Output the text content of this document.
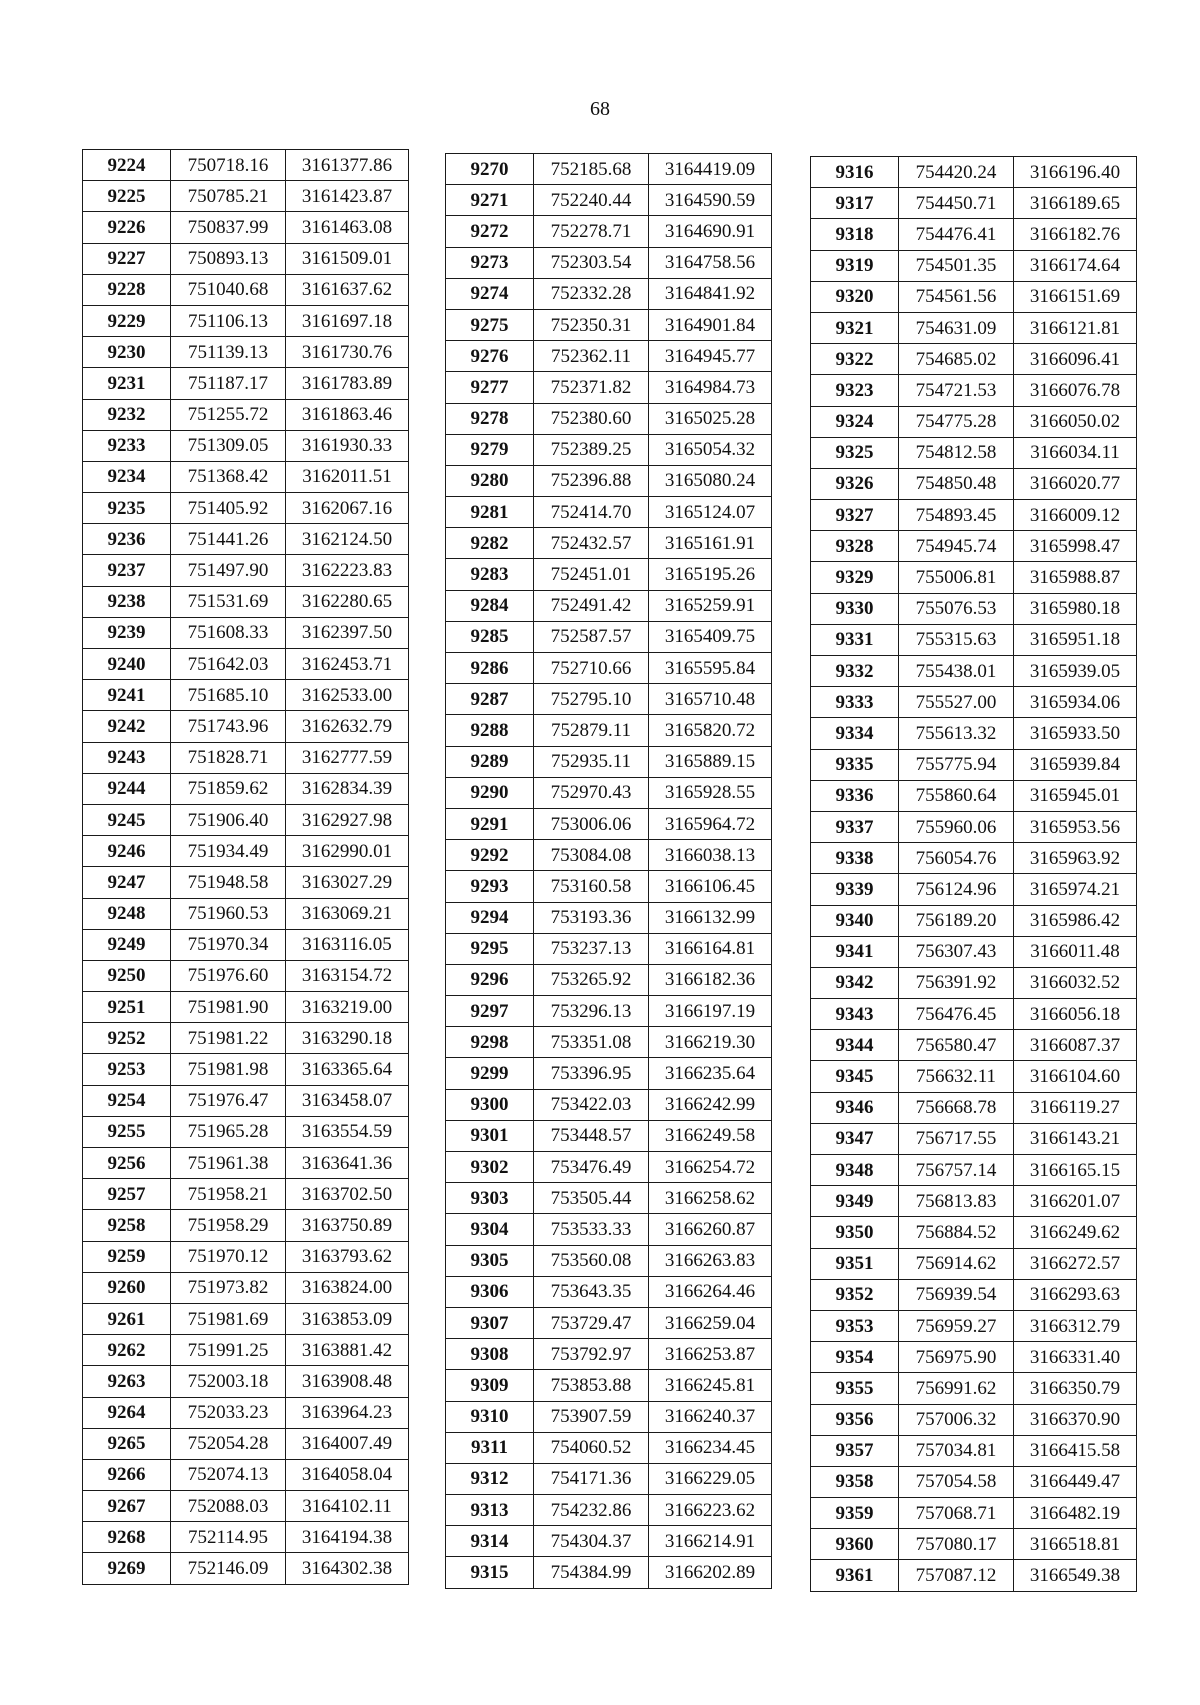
68
9224	750718.16	3161377.86
9225	750785.21	3161423.87
9226	750837.99	3161463.08
9227	750893.13	3161509.01
9228	751040.68	3161637.62
9229	751106.13	3161697.18
9230	751139.13	3161730.76
9231	751187.17	3161783.89
9232	751255.72	3161863.46
9233	751309.05	3161930.33
9234	751368.42	3162011.51
9235	751405.92	3162067.16
9236	751441.26	3162124.50
9237	751497.90	3162223.83
9238	751531.69	3162280.65
9239	751608.33	3162397.50
9240	751642.03	3162453.71
9241	751685.10	3162533.00
9242	751743.96	3162632.79
9243	751828.71	3162777.59
9244	751859.62	3162834.39
9245	751906.40	3162927.98
9246	751934.49	3162990.01
9247	751948.58	3163027.29
9248	751960.53	3163069.21
9249	751970.34	3163116.05
9250	751976.60	3163154.72
9251	751981.90	3163219.00
9252	751981.22	3163290.18
9253	751981.98	3163365.64
9254	751976.47	3163458.07
9255	751965.28	3163554.59
9256	751961.38	3163641.36
9257	751958.21	3163702.50
9258	751958.29	3163750.89
9259	751970.12	3163793.62
9260	751973.82	3163824.00
9261	751981.69	3163853.09
9262	751991.25	3163881.42
9263	752003.18	3163908.48
9264	752033.23	3163964.23
9265	752054.28	3164007.49
9266	752074.13	3164058.04
9267	752088.03	3164102.11
9268	752114.95	3164194.38
9269	752146.09	3164302.38
9270	752185.68	3164419.09
9271	752240.44	3164590.59
9272	752278.71	3164690.91
9273	752303.54	3164758.56
9274	752332.28	3164841.92
9275	752350.31	3164901.84
9276	752362.11	3164945.77
9277	752371.82	3164984.73
9278	752380.60	3165025.28
9279	752389.25	3165054.32
9280	752396.88	3165080.24
9281	752414.70	3165124.07
9282	752432.57	3165161.91
9283	752451.01	3165195.26
9284	752491.42	3165259.91
9285	752587.57	3165409.75
9286	752710.66	3165595.84
9287	752795.10	3165710.48
9288	752879.11	3165820.72
9289	752935.11	3165889.15
9290	752970.43	3165928.55
9291	753006.06	3165964.72
9292	753084.08	3166038.13
9293	753160.58	3166106.45
9294	753193.36	3166132.99
9295	753237.13	3166164.81
9296	753265.92	3166182.36
9297	753296.13	3166197.19
9298	753351.08	3166219.30
9299	753396.95	3166235.64
9300	753422.03	3166242.99
9301	753448.57	3166249.58
9302	753476.49	3166254.72
9303	753505.44	3166258.62
9304	753533.33	3166260.87
9305	753560.08	3166263.83
9306	753643.35	3166264.46
9307	753729.47	3166259.04
9308	753792.97	3166253.87
9309	753853.88	3166245.81
9310	753907.59	3166240.37
9311	754060.52	3166234.45
9312	754171.36	3166229.05
9313	754232.86	3166223.62
9314	754304.37	3166214.91
9315	754384.99	3166202.89
9316	754420.24	3166196.40
9317	754450.71	3166189.65
9318	754476.41	3166182.76
9319	754501.35	3166174.64
9320	754561.56	3166151.69
9321	754631.09	3166121.81
9322	754685.02	3166096.41
9323	754721.53	3166076.78
9324	754775.28	3166050.02
9325	754812.58	3166034.11
9326	754850.48	3166020.77
9327	754893.45	3166009.12
9328	754945.74	3165998.47
9329	755006.81	3165988.87
9330	755076.53	3165980.18
9331	755315.63	3165951.18
9332	755438.01	3165939.05
9333	755527.00	3165934.06
9334	755613.32	3165933.50
9335	755775.94	3165939.84
9336	755860.64	3165945.01
9337	755960.06	3165953.56
9338	756054.76	3165963.92
9339	756124.96	3165974.21
9340	756189.20	3165986.42
9341	756307.43	3166011.48
9342	756391.92	3166032.52
9343	756476.45	3166056.18
9344	756580.47	3166087.37
9345	756632.11	3166104.60
9346	756668.78	3166119.27
9347	756717.55	3166143.21
9348	756757.14	3166165.15
9349	756813.83	3166201.07
9350	756884.52	3166249.62
9351	756914.62	3166272.57
9352	756939.54	3166293.63
9353	756959.27	3166312.79
9354	756975.90	3166331.40
9355	756991.62	3166350.79
9356	757006.32	3166370.90
9357	757034.81	3166415.58
9358	757054.58	3166449.47
9359	757068.71	3166482.19
9360	757080.17	3166518.81
9361	757087.12	3166549.38
